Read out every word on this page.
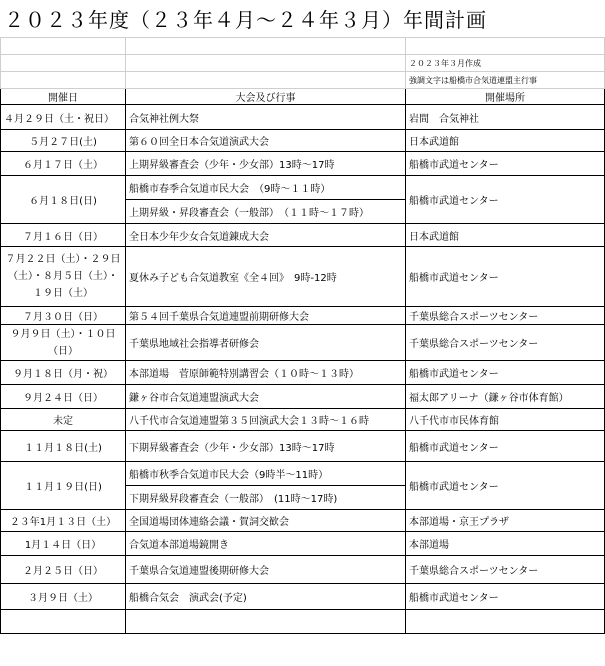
２０２３年度（２３年４月～２４年３月）年間計画

		２０２３年３月作成
		強調文字は船橋市合気道連盟主行事
開催日	大会及び行事	開催場所
４月２９日（土・祝日）	合気神社例大祭	岩間　合気神社
５月２７日(土)	第６０回全日本合気道演武大会	日本武道館
６月１７日（土）	上期昇級審査会（少年・少女部）13時～17時	船橋市武道センター
６月１８日(日)	船橋市春季合気道市民大会　（9時～１１時）	船橋市武道センター
	上期昇級・昇段審査会（一般部）　（１１時～１７時）	
７月１６日（日）	全日本少年少女合気道錬成大会	日本武道館
７月２２日（土）・２９日（土）・８月５日（土）・１９日（土）	夏休み子ども合気道教室《全４回》　9時-12時	船橋市武道センター
７月３０日（日）	第５４回千葉県合気道連盟前期研修大会	千葉県総合スポーツセンター
９月９日（土）・１０日（日）	千葉県地域社会指導者研修会	千葉県総合スポーツセンター
９月１８日（月・祝）	本部道場　菅原師範特別講習会（１０時～１３時）	船橋市武道センター
９月２４日（日）	鎌ヶ谷市合気道連盟演武大会	福太郎アリーナ（鎌ヶ谷市体育館）
未定	八千代市合気道連盟第３５回演武大会１３時～１６時	八千代市市民体育館
１１月１８日(土)	下期昇級審査会（少年・少女部）13時～17時	船橋市武道センター
１１月１９日(日)	船橋市秋季合気道市民大会（9時半～11時）	船橋市武道センター
	下期昇級昇段審査会（一般部）　(11時～17時)	
２３年1月１３日（土）	全国道場団体連絡会議・賀詞交歓会	本部道場・京王プラザ
1月１４日（日）	合気道本部道場鏡開き	本部道場
２月２５日（日）	千葉県合気道連盟後期研修大会	千葉県総合スポーツセンター
３月９日（土）	船橋合気会　演武会(予定)	船橋市武道センター
